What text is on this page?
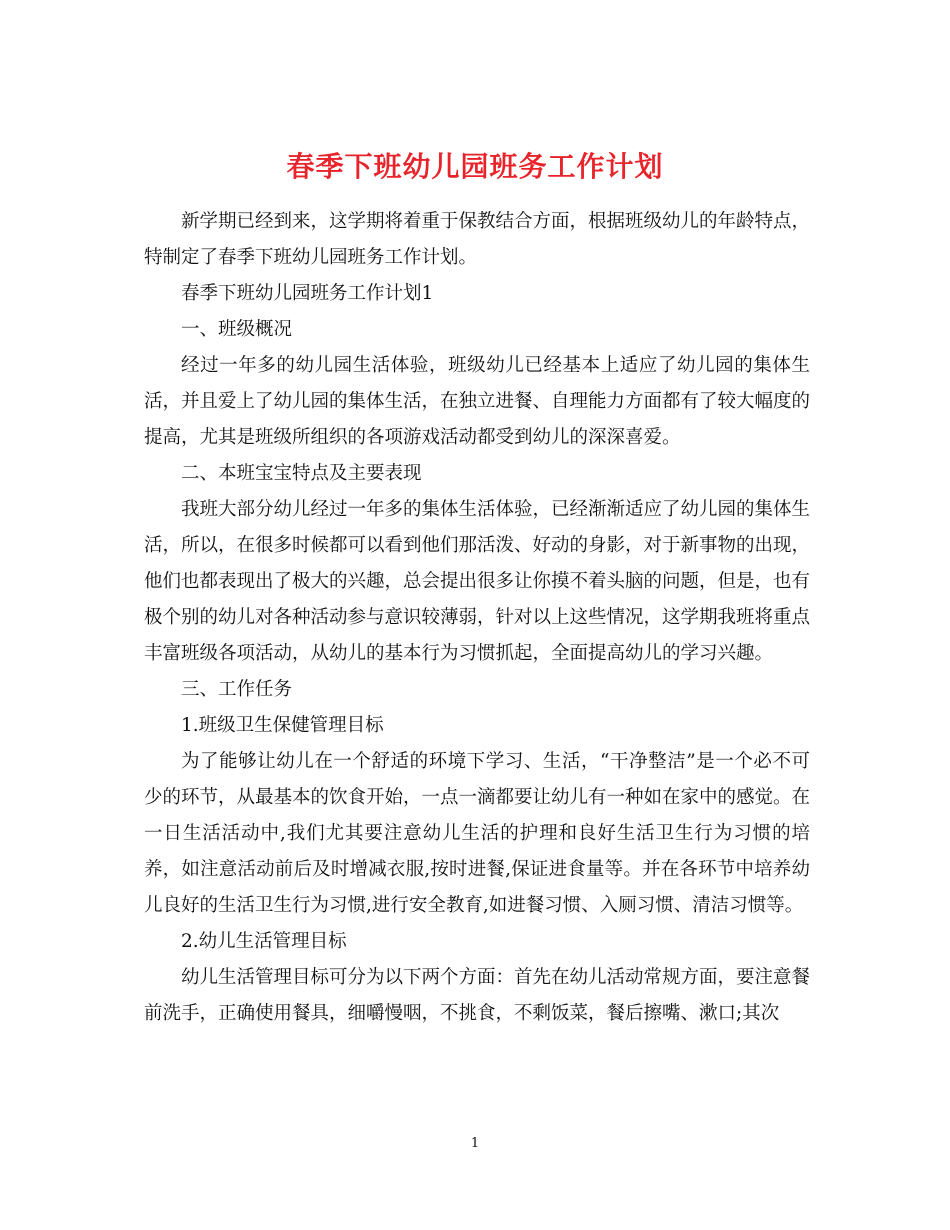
春季下班幼儿园班务工作计划

新学期已经到来，这学期将着重于保教结合方面，根据班级幼儿的年龄特点，特制定了春季下班幼儿园班务工作计划。

春季下班幼儿园班务工作计划1

一、班级概况

经过一年多的幼儿园生活体验，班级幼儿已经基本上适应了幼儿园的集体生活，并且爱上了幼儿园的集体生活，在独立进餐、自理能力方面都有了较大幅度的提高，尤其是班级所组织的各项游戏活动都受到幼儿的深深喜爱。

二、本班宝宝特点及主要表现

我班大部分幼儿经过一年多的集体生活体验，已经渐渐适应了幼儿园的集体生活，所以，在很多时候都可以看到他们那活泼、好动的身影，对于新事物的出现，他们也都表现出了极大的兴趣，总会提出很多让你摸不着头脑的问题，但是，也有极个别的幼儿对各种活动参与意识较薄弱，针对以上这些情况，这学期我班将重点丰富班级各项活动，从幼儿的基本行为习惯抓起，全面提高幼儿的学习兴趣。

三、工作任务

1.班级卫生保健管理目标

为了能够让幼儿在一个舒适的环境下学习、生活，“干净整洁”是一个必不可少的环节，从最基本的饮食开始，一点一滴都要让幼儿有一种如在家中的感觉。在一日生活活动中,我们尤其要注意幼儿生活的护理和良好生活卫生行为习惯的培养，如注意活动前后及时增减衣服,按时进餐,保证进食量等。并在各环节中培养幼儿良好的生活卫生行为习惯,进行安全教育,如进餐习惯、入厕习惯、清洁习惯等。

2.幼儿生活管理目标

幼儿生活管理目标可分为以下两个方面：首先在幼儿活动常规方面，要注意餐前洗手，正确使用餐具，细嚼慢咽，不挑食，不剩饭菜，餐后擦嘴、漱口;其次

1
